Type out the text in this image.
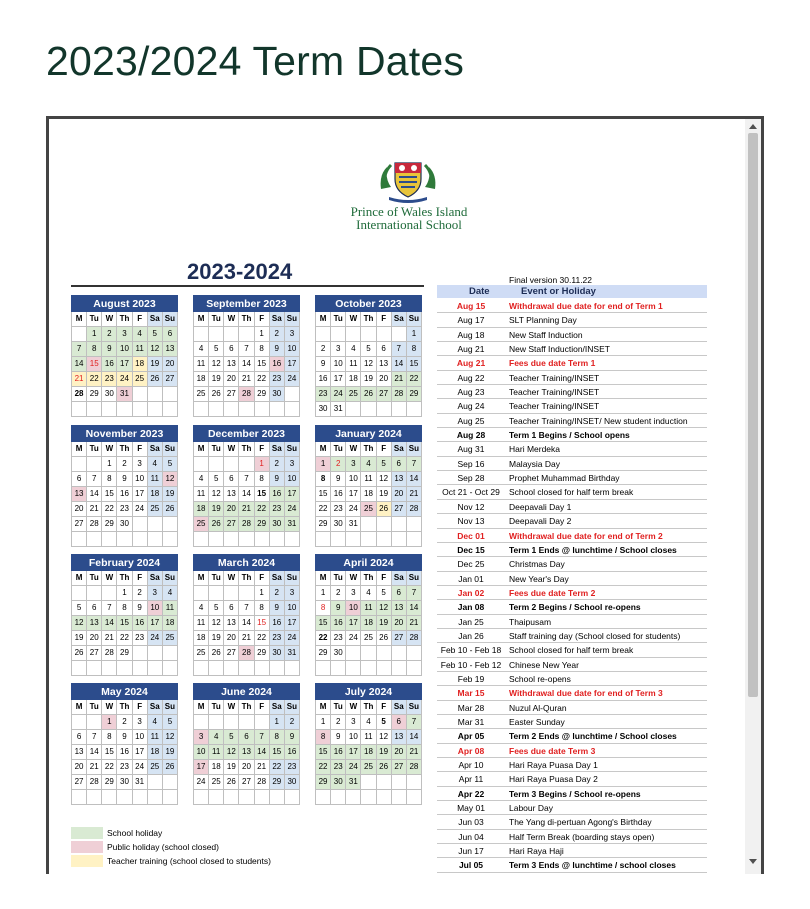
2023/2024 Term Dates
Prince of Wales Island
International School
2023-2024
August 2023						
M	Tu	W	Th	F	Sa	Su
	1	2	3	4	5	6
7	8	9	10	11	12	13
14	15	16	17	18	19	20
21	22	23	24	25	26	27
28	29	30	31			

September 2023						
M	Tu	W	Th	F	Sa	Su
				1	2	3
4	5	6	7	8	9	10
11	12	13	14	15	16	17
18	19	20	21	22	23	24
25	26	27	28	29	30	

October 2023						
M	Tu	W	Th	F	Sa	Su
						1
2	3	4	5	6	7	8
9	10	11	12	13	14	15
16	17	18	19	20	21	22
23	24	25	26	27	28	29
30	31					
November 2023						
M	Tu	W	Th	F	Sa	Su
		1	2	3	4	5
6	7	8	9	10	11	12
13	14	15	16	17	18	19
20	21	22	23	24	25	26
27	28	29	30			

December 2023						
M	Tu	W	Th	F	Sa	Su
				1	2	3
4	5	6	7	8	9	10
11	12	13	14	15	16	17
18	19	20	21	22	23	24
25	26	27	28	29	30	31

January 2024						
M	Tu	W	Th	F	Sa	Su
1	2	3	4	5	6	7
8	9	10	11	12	13	14
15	16	17	18	19	20	21
22	23	24	25	26	27	28
29	30	31				

February 2024						
M	Tu	W	Th	F	Sa	Su
			1	2	3	4
5	6	7	8	9	10	11
12	13	14	15	16	17	18
19	20	21	22	23	24	25
26	27	28	29			

March 2024						
M	Tu	W	Th	F	Sa	Su
				1	2	3
4	5	6	7	8	9	10
11	12	13	14	15	16	17
18	19	20	21	22	23	24
25	26	27	28	29	30	31

April 2024						
M	Tu	W	Th	F	Sa	Su
1	2	3	4	5	6	7
8	9	10	11	12	13	14
15	16	17	18	19	20	21
22	23	24	25	26	27	28
29	30					

May 2024						
M	Tu	W	Th	F	Sa	Su
		1	2	3	4	5
6	7	8	9	10	11	12
13	14	15	16	17	18	19
20	21	22	23	24	25	26
27	28	29	30	31		

June 2024						
M	Tu	W	Th	F	Sa	Su
					1	2
3	4	5	6	7	8	9
10	11	12	13	14	15	16
17	18	19	20	21	22	23
24	25	26	27	28	29	30

July 2024						
M	Tu	W	Th	F	Sa	Su
1	2	3	4	5	6	7
8	9	10	11	12	13	14
15	16	17	18	19	20	21
22	23	24	25	26	27	28
29	30	31				

Final version 30.11.22
Date	Event or Holiday
Aug 15	Withdrawal due date for end of Term 1
Aug 17	SLT Planning Day
Aug 18	New Staff Induction
Aug 21	New Staff Induction/INSET
Aug 21	Fees due date Term 1
Aug 22	Teacher Training/INSET
Aug 23	Teacher Training/INSET
Aug 24	Teacher Training/INSET
Aug 25	Teacher Training/INSET/ New student induction
Aug 28	Term 1 Begins / School opens
Aug 31	Hari Merdeka
Sep 16	Malaysia Day
Sep 28	Prophet Muhammad Birthday
Oct 21 - Oct 29	School closed for half term break
Nov 12	Deepavali Day 1
Nov 13	Deepavali Day 2
Dec 01	Withdrawal due date for end of Term 2
Dec 15	Term 1 Ends @ lunchtime / School closes
Dec 25	Christmas Day
Jan 01	New Year's Day
Jan 02	Fees due date Term 2
Jan 08	Term 2 Begins / School re-opens
Jan 25	Thaipusam
Jan 26	Staff training day (School closed for students)
Feb 10 - Feb 18 School closed for half term break
Feb 10 - Feb 12 Chinese New Year
Feb 19	School re-opens
Mar 15	Withdrawal due date for end of Term 3
Mar 28	Nuzul Al-Quran
Mar 31	Easter Sunday
Apr 05	Term 2 Ends @ lunchtime / School closes
Apr 08	Fees due date Term 3
Apr 10	Hari Raya Puasa Day 1
Apr 11	Hari Raya Puasa Day 2
Apr 22	Term 3 Begins / School re-opens
May 01	Labour Day
Jun 03	The Yang di-pertuan Agong's Birthday
Jun 04	Half Term Break (boarding stays open)
Jun 17	Hari Raya Haji
Jul 05	Term 3 Ends @ lunchtime / school closes
School holiday
Public holiday (school closed)
Teacher training (school closed to students)
